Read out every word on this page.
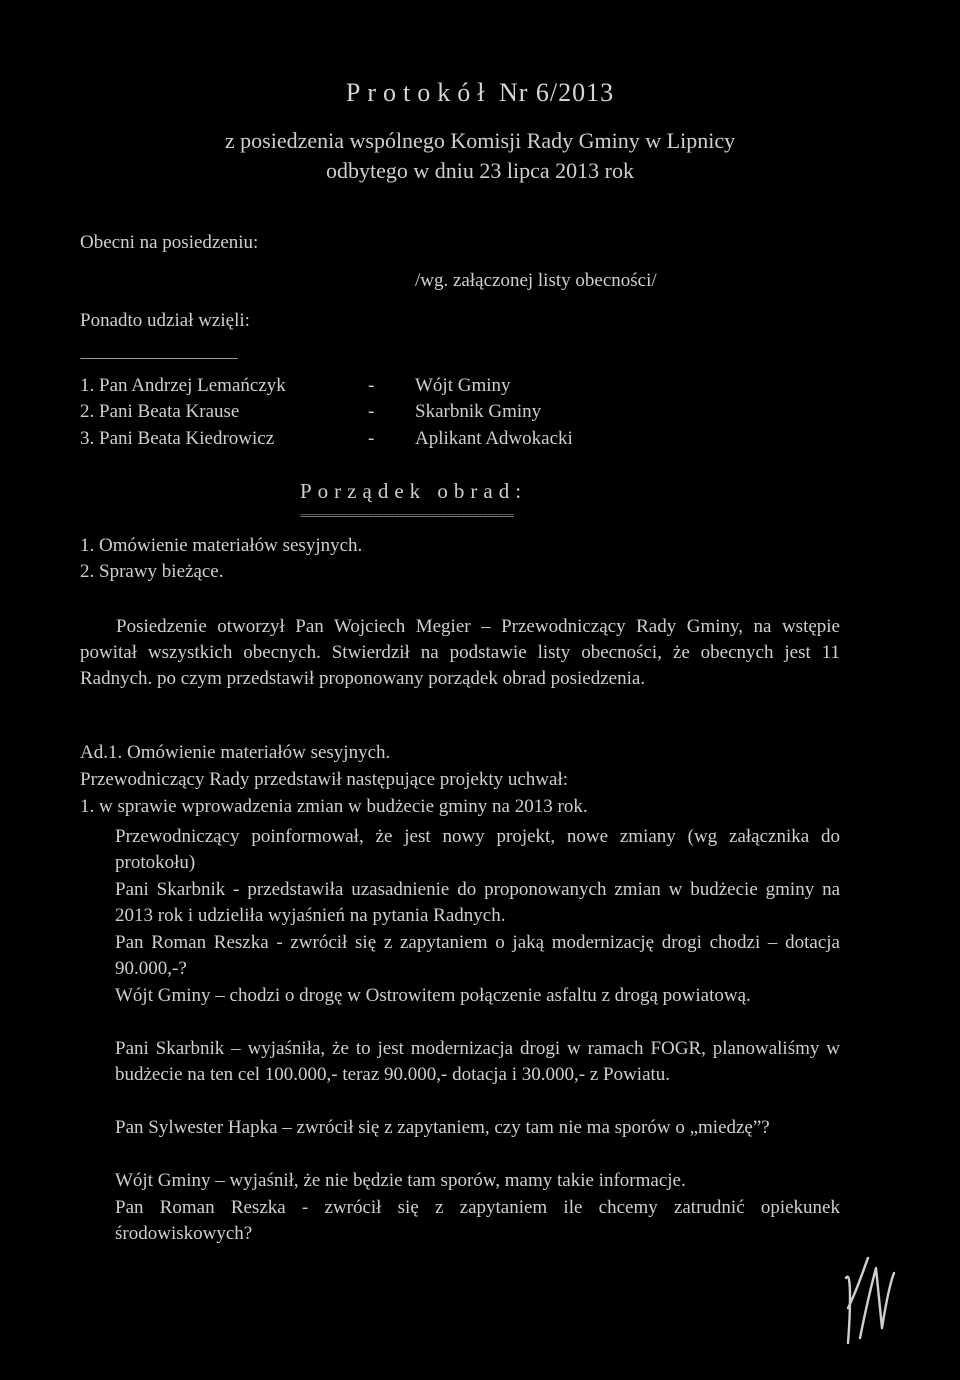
Protokół Nr 6/2013
z posiedzenia wspólnego Komisji Rady Gminy w Lipnicy
odbytego w dniu 23 lipca 2013 rok
Obecni na posiedzeniu:
/wg. załączonej listy obecności/
Ponadto udział wzięli:
-----------------------------------------------------------
1. Pan Andrzej Lemańczyk	- Wójt Gminy
2. Pani Beata Krause	- Skarbnik Gminy
3. Pani Beata Kiedrowicz	- Aplikant Adwokacki
Porządek obrad:
=========================================
1. Omówienie materiałów sesyjnych.
2. Sprawy bieżące.
Posiedzenie otworzył Pan Wojciech Megier – Przewodniczący Rady Gminy, na wstępie powitał wszystkich obecnych. Stwierdził na podstawie listy obecności, że obecnych jest 11 Radnych. po czym przedstawił proponowany porządek obrad posiedzenia.
Ad.1. Omówienie materiałów sesyjnych.
Przewodniczący Rady przedstawił następujące projekty uchwał:
1. w sprawie wprowadzenia zmian w budżecie gminy na 2013 rok.
Przewodniczący poinformował, że jest nowy projekt, nowe zmiany (wg załącznika do protokołu)
Pani Skarbnik - przedstawiła uzasadnienie do proponowanych zmian w budżecie gminy na 2013 rok i udzieliła wyjaśnień na pytania Radnych.
Pan Roman Reszka - zwrócił się z zapytaniem o jaką modernizację drogi chodzi – dotacja 90.000,-?
Wójt Gminy – chodzi o drogę w Ostrowitem połączenie asfaltu z drogą powiatową.
Pani Skarbnik – wyjaśniła, że to jest modernizacja drogi w ramach FOGR, planowaliśmy w budżecie na ten cel 100.000,- teraz 90.000,- dotacja i 30.000,- z Powiatu.
Pan Sylwester Hapka – zwrócił się z zapytaniem, czy tam nie ma sporów o „miedzę”?
Wójt Gminy – wyjaśnił, że nie będzie tam sporów, mamy takie informacje.
Pan Roman Reszka - zwrócił się z zapytaniem ile chcemy zatrudnić opiekunek środowiskowych?
